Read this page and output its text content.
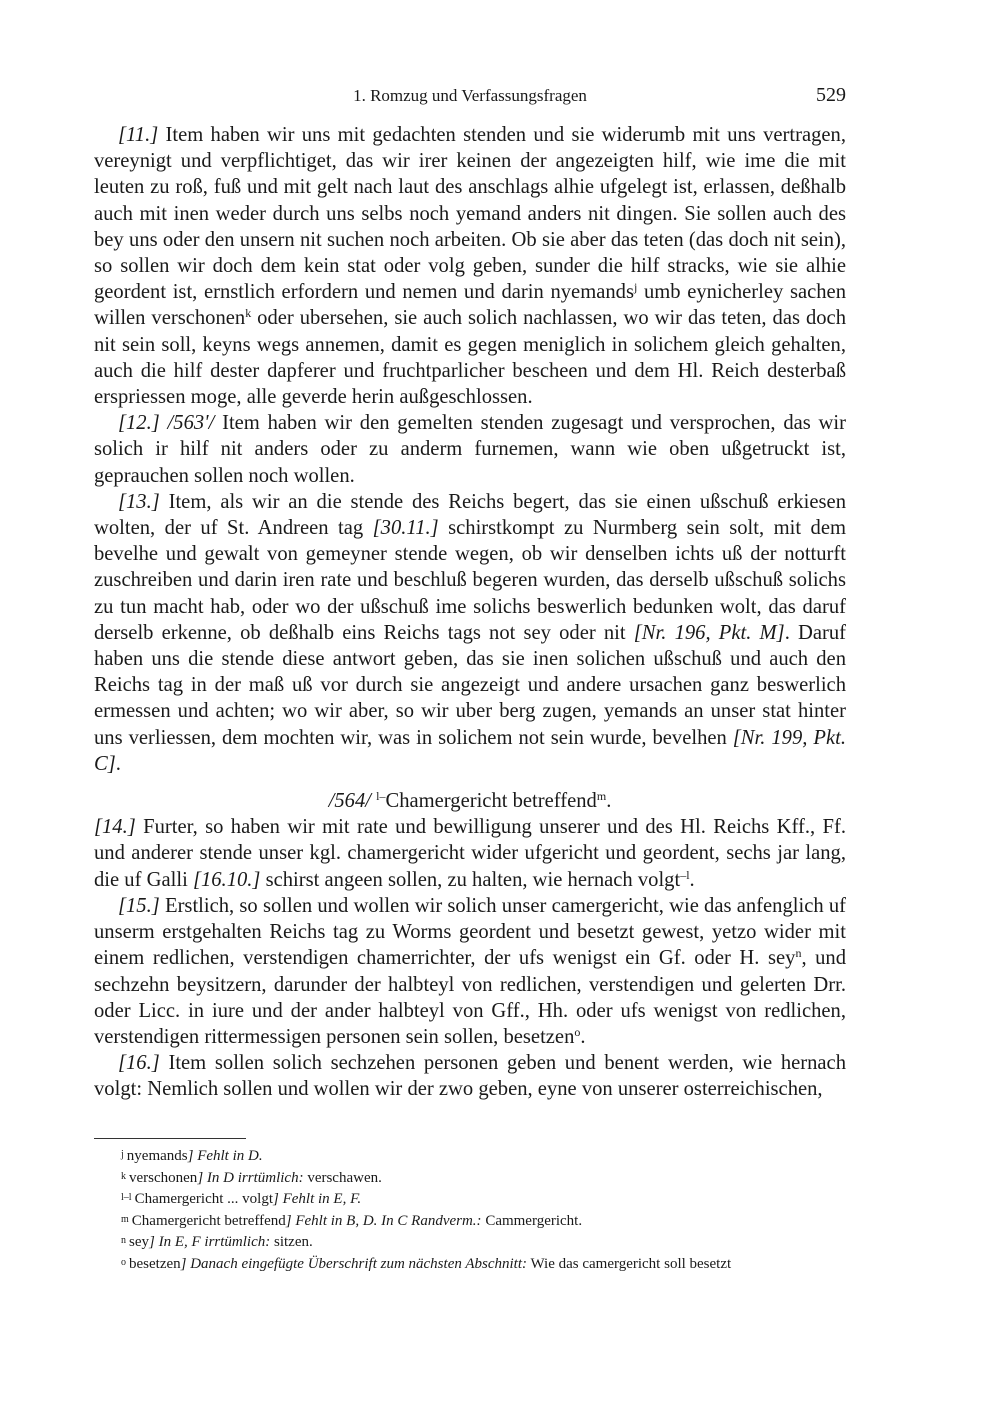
1. Romzug und Verfassungsfragen	529

[11.] Item haben wir uns mit gedachten stenden und sie widerumb mit uns vertragen, vereynigt und verpflichtiget, das wir irer keinen der angezeigten hilf, wie ime die mit leuten zu roß, fuß und mit gelt nach laut des anschlags alhie ufgelegt ist, erlassen, deßhalb auch mit inen weder durch uns selbs noch yemand anders nit dingen. Sie sollen auch des bey uns oder den unsern nit suchen noch arbeiten. Ob sie aber das teten (das doch nit sein), so sollen wir doch dem kein stat oder volg geben, sunder die hilf stracks, wie sie alhie geordent ist, ernstlich erfordern und nemen und darin nyemands$^j$ umb eynicherley sachen willen verschonen$^k$ oder ubersehen, sie auch solich nachlassen, wo wir das teten, das doch nit sein soll, keyns wegs annemen, damit es gegen meniglich in solichem gleich gehalten, auch die hilf dester dapferer und fruchtparlicher bescheen und dem Hl. Reich desterbaß erspriessen moge, alle geverde herin außgeschlossen.

[12.] /563'/ Item haben wir den gemelten stenden zugesagt und versprochen, das wir solich ir hilf nit anders oder zu anderm furnemen, wann wie oben ußgetruckt ist, geprauchen sollen noch wollen.

[13.] Item, als wir an die stende des Reichs begert, das sie einen ußschuß erkiesen wolten, der uf St. Andreen tag [30.11.] schirstkompt zu Nurmberg sein solt, mit dem bevelhe und gewalt von gemeyner stende wegen, ob wir denselben ichts uß der notturft zuschreiben und darin iren rate und beschluß begeren wurden, das derselb ußschuß solichs zu tun macht hab, oder wo der ußschuß ime solichs beswerlich bedunken wolt, das daruf derselb erkenne, ob deßhalb eins Reichs tags not sey oder nit [Nr. 196, Pkt. M]. Daruf haben uns die stende diese antwort geben, das sie inen solichen ußschuß und auch den Reichs tag in der maß uß vor durch sie angezeigt und andere ursachen ganz beswerlich ermessen und achten; wo wir aber, so wir uber berg zugen, yemands an unser stat hinter uns verliessen, dem mochten wir, was in solichem not sein wurde, bevelhen [Nr. 199, Pkt. C].

/564/ $^{l-}$Chamergericht betreffend$^m$.

[14.] Furter, so haben wir mit rate und bewilligung unserer und des Hl. Reichs Kff., Ff. und anderer stende unser kgl. chamergericht wider ufgericht und geordent, sechs jar lang, die uf Galli [16.10.] schirst angeen sollen, zu halten, wie hernach volgt$^{-l}$.

[15.] Erstlich, so sollen und wollen wir solich unser camergericht, wie das anfenglich uf unserm erstgehalten Reichs tag zu Worms geordent und besetzt gewest, yetzo wider mit einem redlichen, verstendigen chamerrichter, der ufs wenigst ein Gf. oder H. sey$^n$, und sechzehn beysitzern, darunder der halbteyl von redlichen, verstendigen und gelerten Drr. oder Licc. in iure und der ander halbteyl von Gff., Hh. oder ufs wenigst von redlichen, verstendigen rittermessigen personen sein sollen, besetzen$^o$.

[16.] Item sollen solich sechzehen personen geben und benent werden, wie hernach volgt: Nemlich sollen und wollen wir der zwo geben, eyne von unserer osterreichischen,

$^j$ nyemands] Fehlt in D.
$^k$ verschonen] In D irrtümlich: verschawen.
$^{l-l}$ Chamergericht ... volgt] Fehlt in E, F.
$^m$ Chamergericht betreffend] Fehlt in B, D. In C Randverm.: Cammergericht.
$^n$ sey] In E, F irrtümlich: sitzen.
$^o$ besetzen] Danach eingefügte Überschrift zum nächsten Abschnitt: Wie das camergericht soll besetzt
